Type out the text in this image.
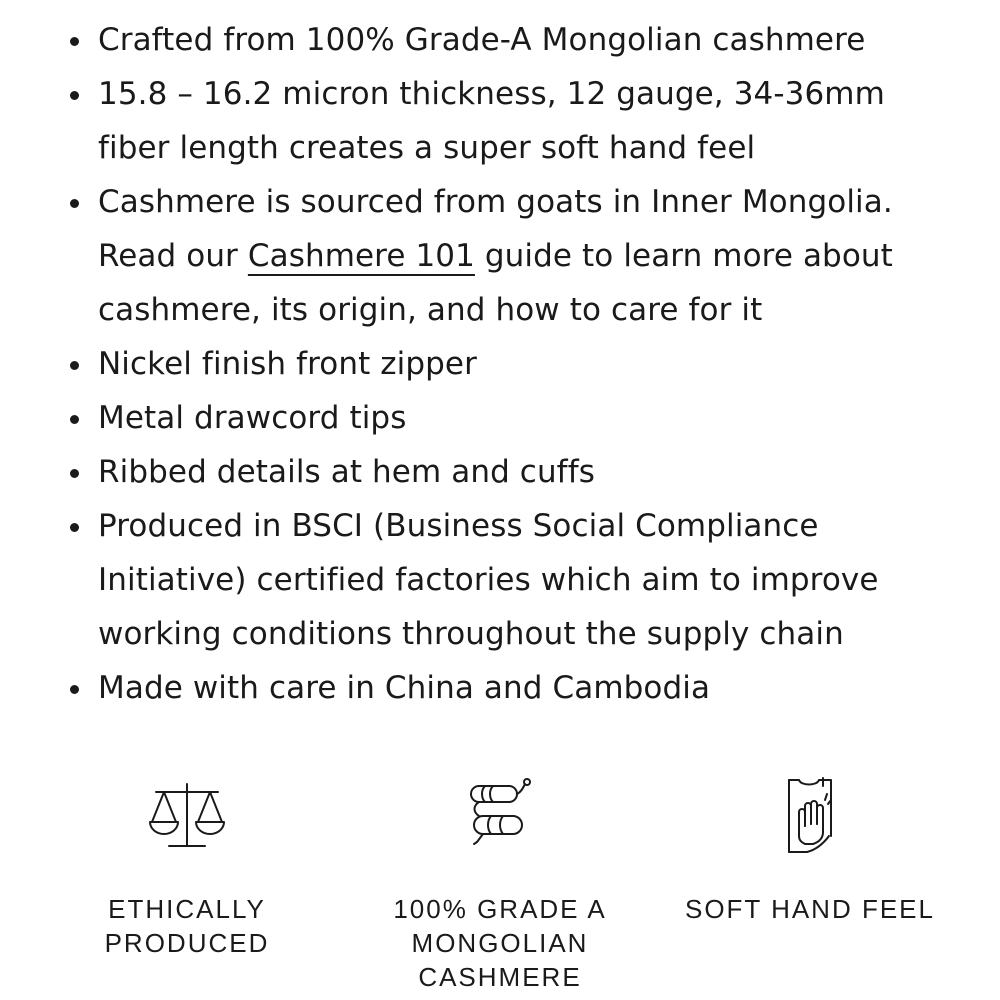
Crafted from 100% Grade-A Mongolian cashmere
15.8 – 16.2 micron thickness, 12 gauge, 34-36mm
fiber length creates a super soft hand feel
Cashmere is sourced from goats in Inner Mongolia.
Read our Cashmere 101 guide to learn more about
cashmere, its origin, and how to care for it
Nickel finish front zipper
Metal drawcord tips
Ribbed details at hem and cuffs
Produced in BSCI (Business Social Compliance
Initiative) certified factories which aim to improve
working conditions throughout the supply chain
Made with care in China and Cambodia
ETHICALLY
PRODUCED
100% GRADE A
MONGOLIAN
CASHMERE
SOFT HAND FEEL
